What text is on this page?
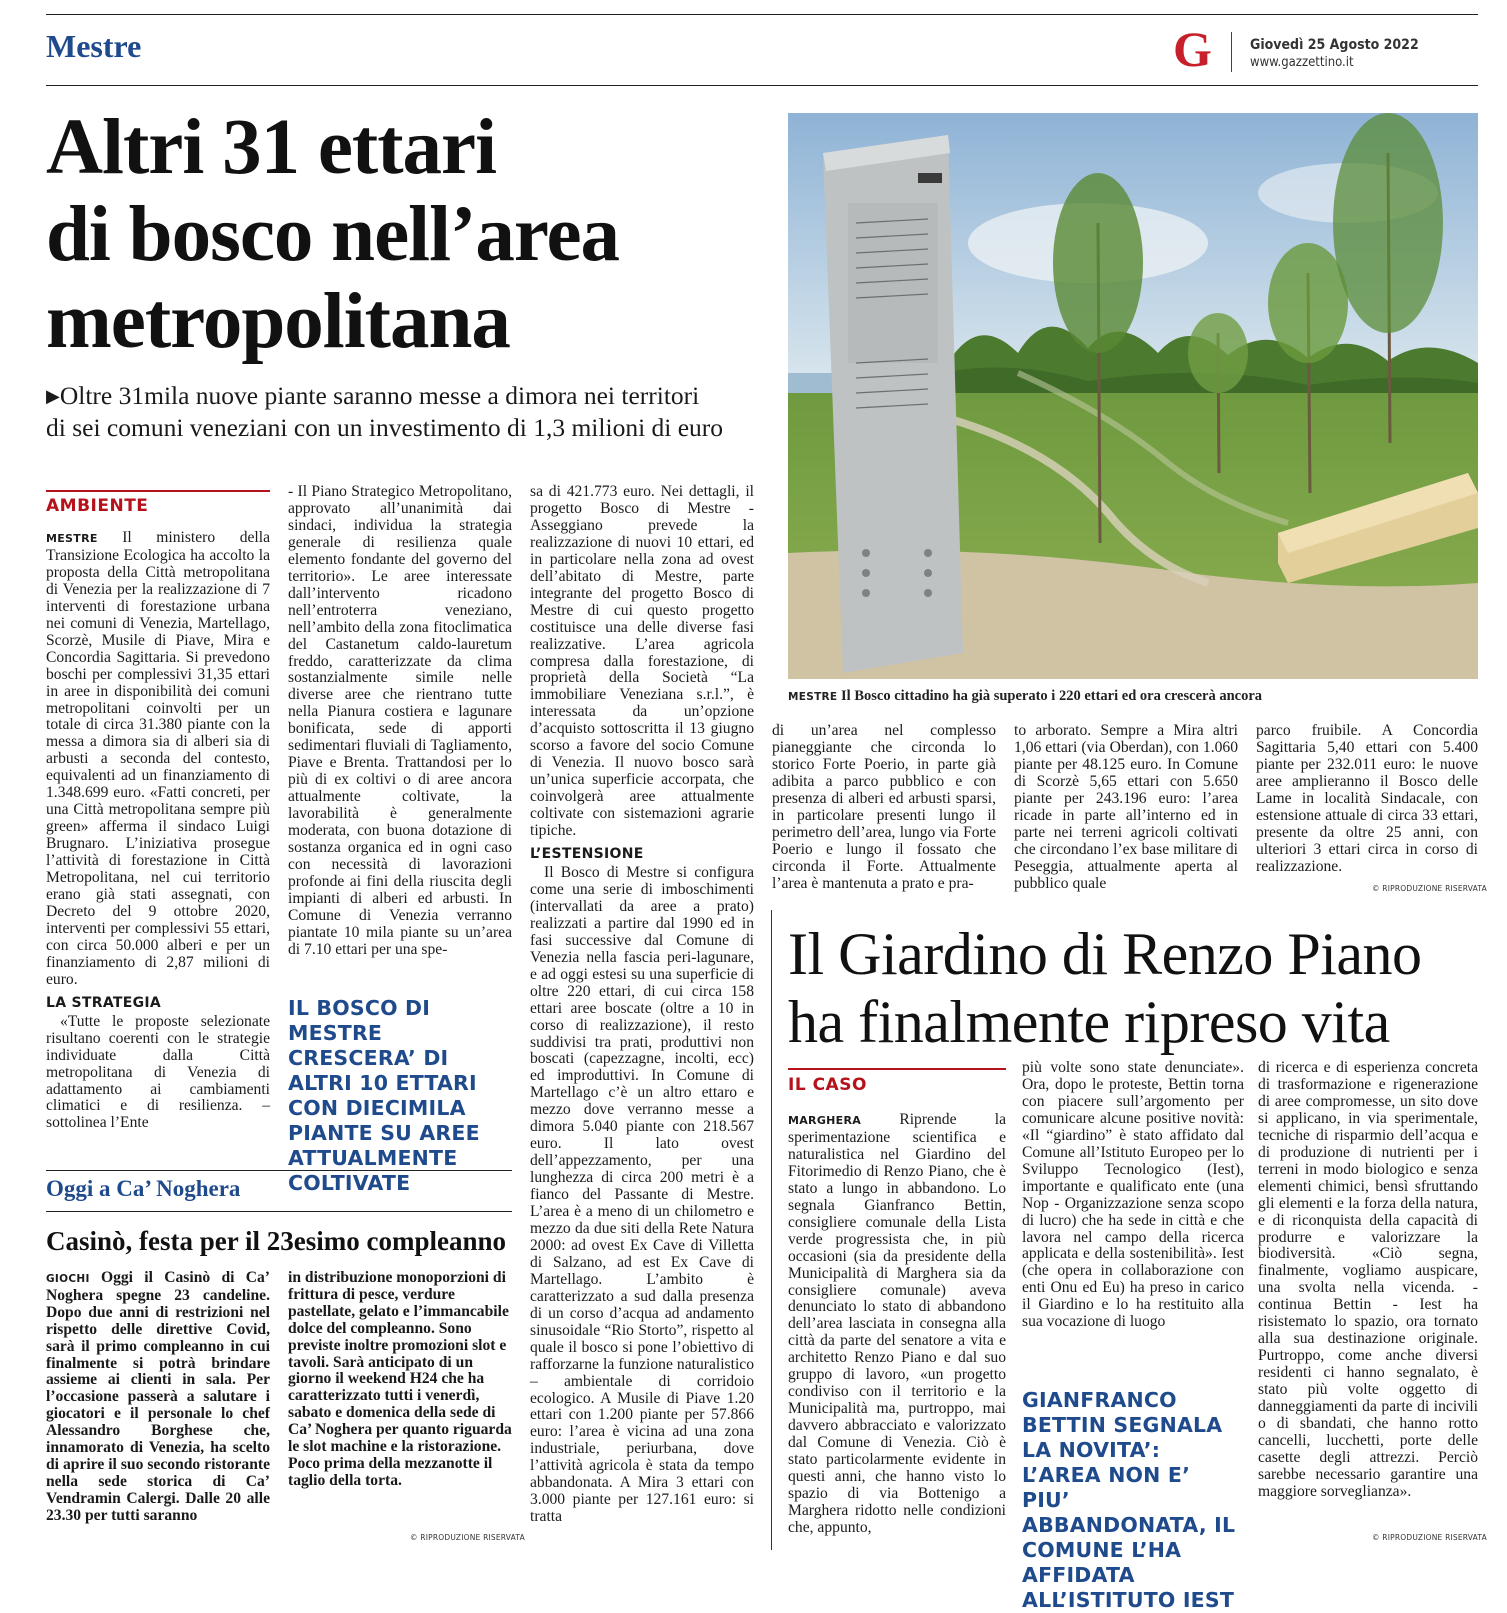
Mestre	G	Giovedì 25 Agosto 2022
www.gazzettino.it
Altri 31 ettari
di bosco nell’area
metropolitana
▶Oltre 31mila nuove piante saranno messe a dimora nei territori
di sei comuni veneziani con un investimento di 1,3 milioni di euro
MESTRE Il Bosco cittadino ha già superato i 220 ettari ed ora crescerà ancora
AMBIENTE

MESTRE Il ministero della Transizione Ecologica ha accolto la proposta della Città metropolitana di Venezia per la realizzazione di 7 interventi di forestazione urbana nei comuni di Venezia, Martellago, Scorzè, Musile di Piave, Mira e Concordia Sagittaria. Si prevedono boschi per complessivi 31,35 ettari in aree in disponibilità dei comuni metropolitani coinvolti per un totale di circa 31.380 piante con la messa a dimora sia di alberi sia di arbusti a seconda del contesto, equivalenti ad un finanziamento di 1.348.699 euro. «Fatti concreti, per una Città metropolitana sempre più green» afferma il sindaco Luigi Brugnaro. L’iniziativa prosegue l’attività di forestazione in Città Metropolitana, nel cui territorio erano già stati assegnati, con Decreto del 9 ottobre 2020, interventi per complessivi 55 ettari, con circa 50.000 alberi e per un finanziamento di 2,87 milioni di euro.

LA STRATEGIA

«Tutte le proposte selezionate risultano coerenti con le strategie individuate dalla Città metropolitana di Venezia di adattamento ai cambiamenti climatici e di resilienza. – sottolinea l’Ente

- Il Piano Strategico Metropolitano, approvato all’unanimità dai sindaci, individua la strategia generale di resilienza quale elemento fondante del governo del territorio». Le aree interessate dall’intervento ricadono nell’entroterra veneziano, nell’ambito della zona fitoclimatica del Castanetum caldo-lauretum freddo, caratterizzate da clima sostanzialmente simile nelle diverse aree che rientrano tutte nella Pianura costiera e lagunare bonificata, sede di apporti sedimentari fluviali di Tagliamento, Piave e Brenta. Trattandosi per lo più di ex coltivi o di aree ancora attualmente coltivate, la lavorabilità è generalmente moderata, con buona dotazione di sostanza organica ed in ogni caso con necessità di lavorazioni profonde ai fini della riuscita degli impianti di alberi ed arbusti. In Comune di Venezia verranno piantate 10 mila piante su un’area di 7.10 ettari per una spe-

IL BOSCO DI MESTRE CRESCERA’ DI ALTRI 10 ETTARI CON DIECIMILA PIANTE SU AREE ATTUALMENTE COLTIVATE

sa di 421.773 euro. Nei dettagli, il progetto Bosco di Mestre - Asseggiano prevede la realizzazione di nuovi 10 ettari, ed in particolare nella zona ad ovest dell’abitato di Mestre, parte integrante del progetto Bosco di Mestre di cui questo progetto costituisce una delle diverse fasi realizzative. L’area agricola compresa dalla forestazione, di proprietà della Società “La immobiliare Veneziana s.r.l.”, è interessata da un’opzione d’acquisto sottoscritta il 13 giugno scorso a favore del socio Comune di Venezia. Il nuovo bosco sarà un’unica superficie accorpata, che coinvolgerà aree attualmente coltivate con sistemazioni agrarie tipiche.

L’ESTENSIONE

Il Bosco di Mestre si configura come una serie di imboschimenti (intervallati da aree a prato) realizzati a partire dal 1990 ed in fasi successive dal Comune di Venezia nella fascia peri-lagunare, e ad oggi estesi su una superficie di oltre 220 ettari, di cui circa 158 ettari aree boscate (oltre a 10 in corso di realizzazione), il resto suddivisi tra prati, produttivi non boscati (capezzagne, incolti, ecc) ed improduttivi. In Comune di Martellago c’è un altro ettaro e mezzo dove verranno messe a dimora 5.040 piante con 218.567 euro. Il lato ovest dell’appezzamento, per una lunghezza di circa 200 metri è a fianco del Passante di Mestre. L’area è a meno di un chilometro e mezzo da due siti della Rete Natura 2000: ad ovest Ex Cave di Villetta di Salzano, ad est Ex Cave di Martellago. L’ambito è caratterizzato a sud dalla presenza di un corso d’acqua ad andamento sinusoidale “Rio Storto”, rispetto al quale il bosco si pone l’obiettivo di rafforzarne la funzione naturalistico – ambientale di corridoio ecologico. A Musile di Piave 1.20 ettari con 1.200 piante per 57.866 euro: l’area è vicina ad una zona industriale, periurbana, dove l’attività agricola è stata da tempo abbandonata. A Mira 3 ettari con 3.000 piante per 127.161 euro: si tratta

di un’area nel complesso pianeggiante che circonda lo storico Forte Poerio, in parte già adibita a parco pubblico e con presenza di alberi ed arbusti sparsi, in particolare presenti lungo il perimetro dell’area, lungo via Forte Poerio e lungo il fossato che circonda il Forte. Attualmente l’area è mantenuta a prato e pra-

to arborato. Sempre a Mira altri 1,06 ettari (via Oberdan), con 1.060 piante per 48.125 euro. In Comune di Scorzè 5,65 ettari con 5.650 piante per 243.196 euro: l’area ricade in parte all’interno ed in parte nei terreni agricoli coltivati che circondano l’ex base militare di Peseggia, attualmente aperta al pubblico quale

parco fruibile. A Concordia Sagittaria 5,40 ettari con 5.400 piante per 232.011 euro: le nuove aree amplieranno il Bosco delle Lame in località Sindacale, con estensione attuale di circa 33 ettari, presente da oltre 25 anni, con ulteriori 3 ettari circa in corso di realizzazione.

© RIPRODUZIONE RISERVATA
Oggi a Ca’ Noghera
Casinò, festa per il 23esimo compleanno
GIOCHI Oggi il Casinò di Ca’ Noghera spegne 23 candeline. Dopo due anni di restrizioni nel rispetto delle direttive Covid, sarà il primo compleanno in cui finalmente si potrà brindare assieme ai clienti in sala. Per l’occasione passerà a salutare i giocatori e il personale lo chef Alessandro Borghese che, innamorato di Venezia, ha scelto di aprire il suo secondo ristorante nella sede storica di Ca’ Vendramin Calergi. Dalle 20 alle 23.30 per tutti saranno
in distribuzione monoporzioni di frittura di pesce, verdure pastellate, gelato e l’immancabile dolce del compleanno. Sono previste inoltre promozioni slot e tavoli. Sarà anticipato di un giorno il weekend H24 che ha caratterizzato tutti i venerdì, sabato e domenica della sede di Ca’ Noghera per quanto riguarda le slot machine e la ristorazione. Poco prima della mezzanotte il taglio della torta.
© RIPRODUZIONE RISERVATA
Il Giardino di Renzo Piano
ha finalmente ripreso vita
IL CASO

MARGHERA Riprende la sperimentazione scientifica e naturalistica nel Giardino del Fitorimedio di Renzo Piano, che è stato a lungo in abbandono. Lo segnala Gianfranco Bettin, consigliere comunale della Lista verde progressista che, in più occasioni (sia da presidente della Municipalità di Marghera sia da consigliere comunale) aveva denunciato lo stato di abbandono dell’area lasciata in consegna alla città da parte del senatore a vita e architetto Renzo Piano e dal suo gruppo di lavoro, «un progetto condiviso con il territorio e la Municipalità ma, purtroppo, mai davvero abbracciato e valorizzato dal Comune di Venezia. Ciò è stato particolarmente evidente in questi anni, che hanno visto lo spazio di via Bottenigo a Marghera ridotto nelle condizioni che, appunto,

più volte sono state denunciate». Ora, dopo le proteste, Bettin torna con piacere sull’argomento per comunicare alcune positive novità: «Il “giardino” è stato affidato dal Comune all’Istituto Europeo per lo Sviluppo Tecnologico (Iest), importante e qualificato ente (una Nop - Organizzazione senza scopo di lucro) che ha sede in città e che lavora nel campo della ricerca applicata e della sostenibilità». Iest (che opera in collaborazione con enti Onu ed Eu) ha preso in carico il Giardino e lo ha restituito alla sua vocazione di luogo

GIANFRANCO BETTIN SEGNALA LA NOVITA’: L’AREA NON E’ PIU’ ABBANDONATA, IL COMUNE L’HA AFFIDATA ALL’ISTITUTO IEST

di ricerca e di esperienza concreta di trasformazione e rigenerazione di aree compromesse, un sito dove si applicano, in via sperimentale, tecniche di risparmio dell’acqua e di produzione di nutrienti per i terreni in modo biologico e senza elementi chimici, bensì sfruttando gli elementi e la forza della natura, e di riconquista della capacità di produrre e valorizzare la biodiversità. «Ciò segna, finalmente, vogliamo auspicare, una svolta nella vicenda. - continua Bettin - Iest ha risistemato lo spazio, ora tornato alla sua destinazione originale. Purtroppo, come anche diversi residenti ci hanno segnalato, è stato più volte oggetto di danneggiamenti da parte di incivili o di sbandati, che hanno rotto cancelli, lucchetti, porte delle casette degli attrezzi. Perciò sarebbe necessario garantire una maggiore sorveglianza».

© RIPRODUZIONE RISERVATA
